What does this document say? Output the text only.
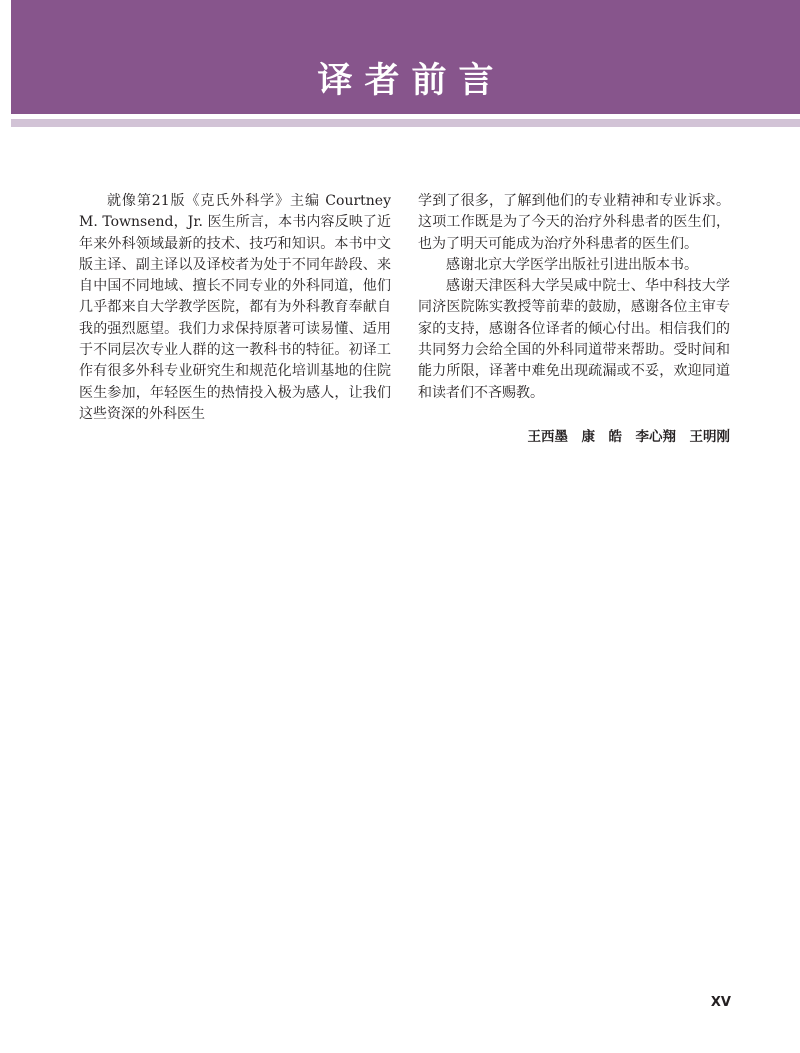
译者前言

就像第21版《克氏外科学》主编 Courtney M. Townsend，Jr. 医生所言，本书内容反映了近年来外科领域最新的技术、技巧和知识。本书中文版主译、副主译以及译校者为处于不同年龄段、来自中国不同地域、擅长不同专业的外科同道，他们几乎都来自大学教学医院，都有为外科教育奉献自我的强烈愿望。我们力求保持原著可读易懂、适用于不同层次专业人群的这一教科书的特征。初译工作有很多外科专业研究生和规范化培训基地的住院医生参加，年轻医生的热情投入极为感人，让我们这些资深的外科医生

学到了很多，了解到他们的专业精神和专业诉求。这项工作既是为了今天的治疗外科患者的医生们，也为了明天可能成为治疗外科患者的医生们。

感谢北京大学医学出版社引进出版本书。

感谢天津医科大学吴咸中院士、华中科技大学同济医院陈实教授等前辈的鼓励，感谢各位主审专家的支持，感谢各位译者的倾心付出。相信我们的共同努力会给全国的外科同道带来帮助。受时间和能力所限，译著中难免出现疏漏或不妥，欢迎同道和读者们不吝赐教。

王西墨　康　皓　李心翔　王明刚
XV
